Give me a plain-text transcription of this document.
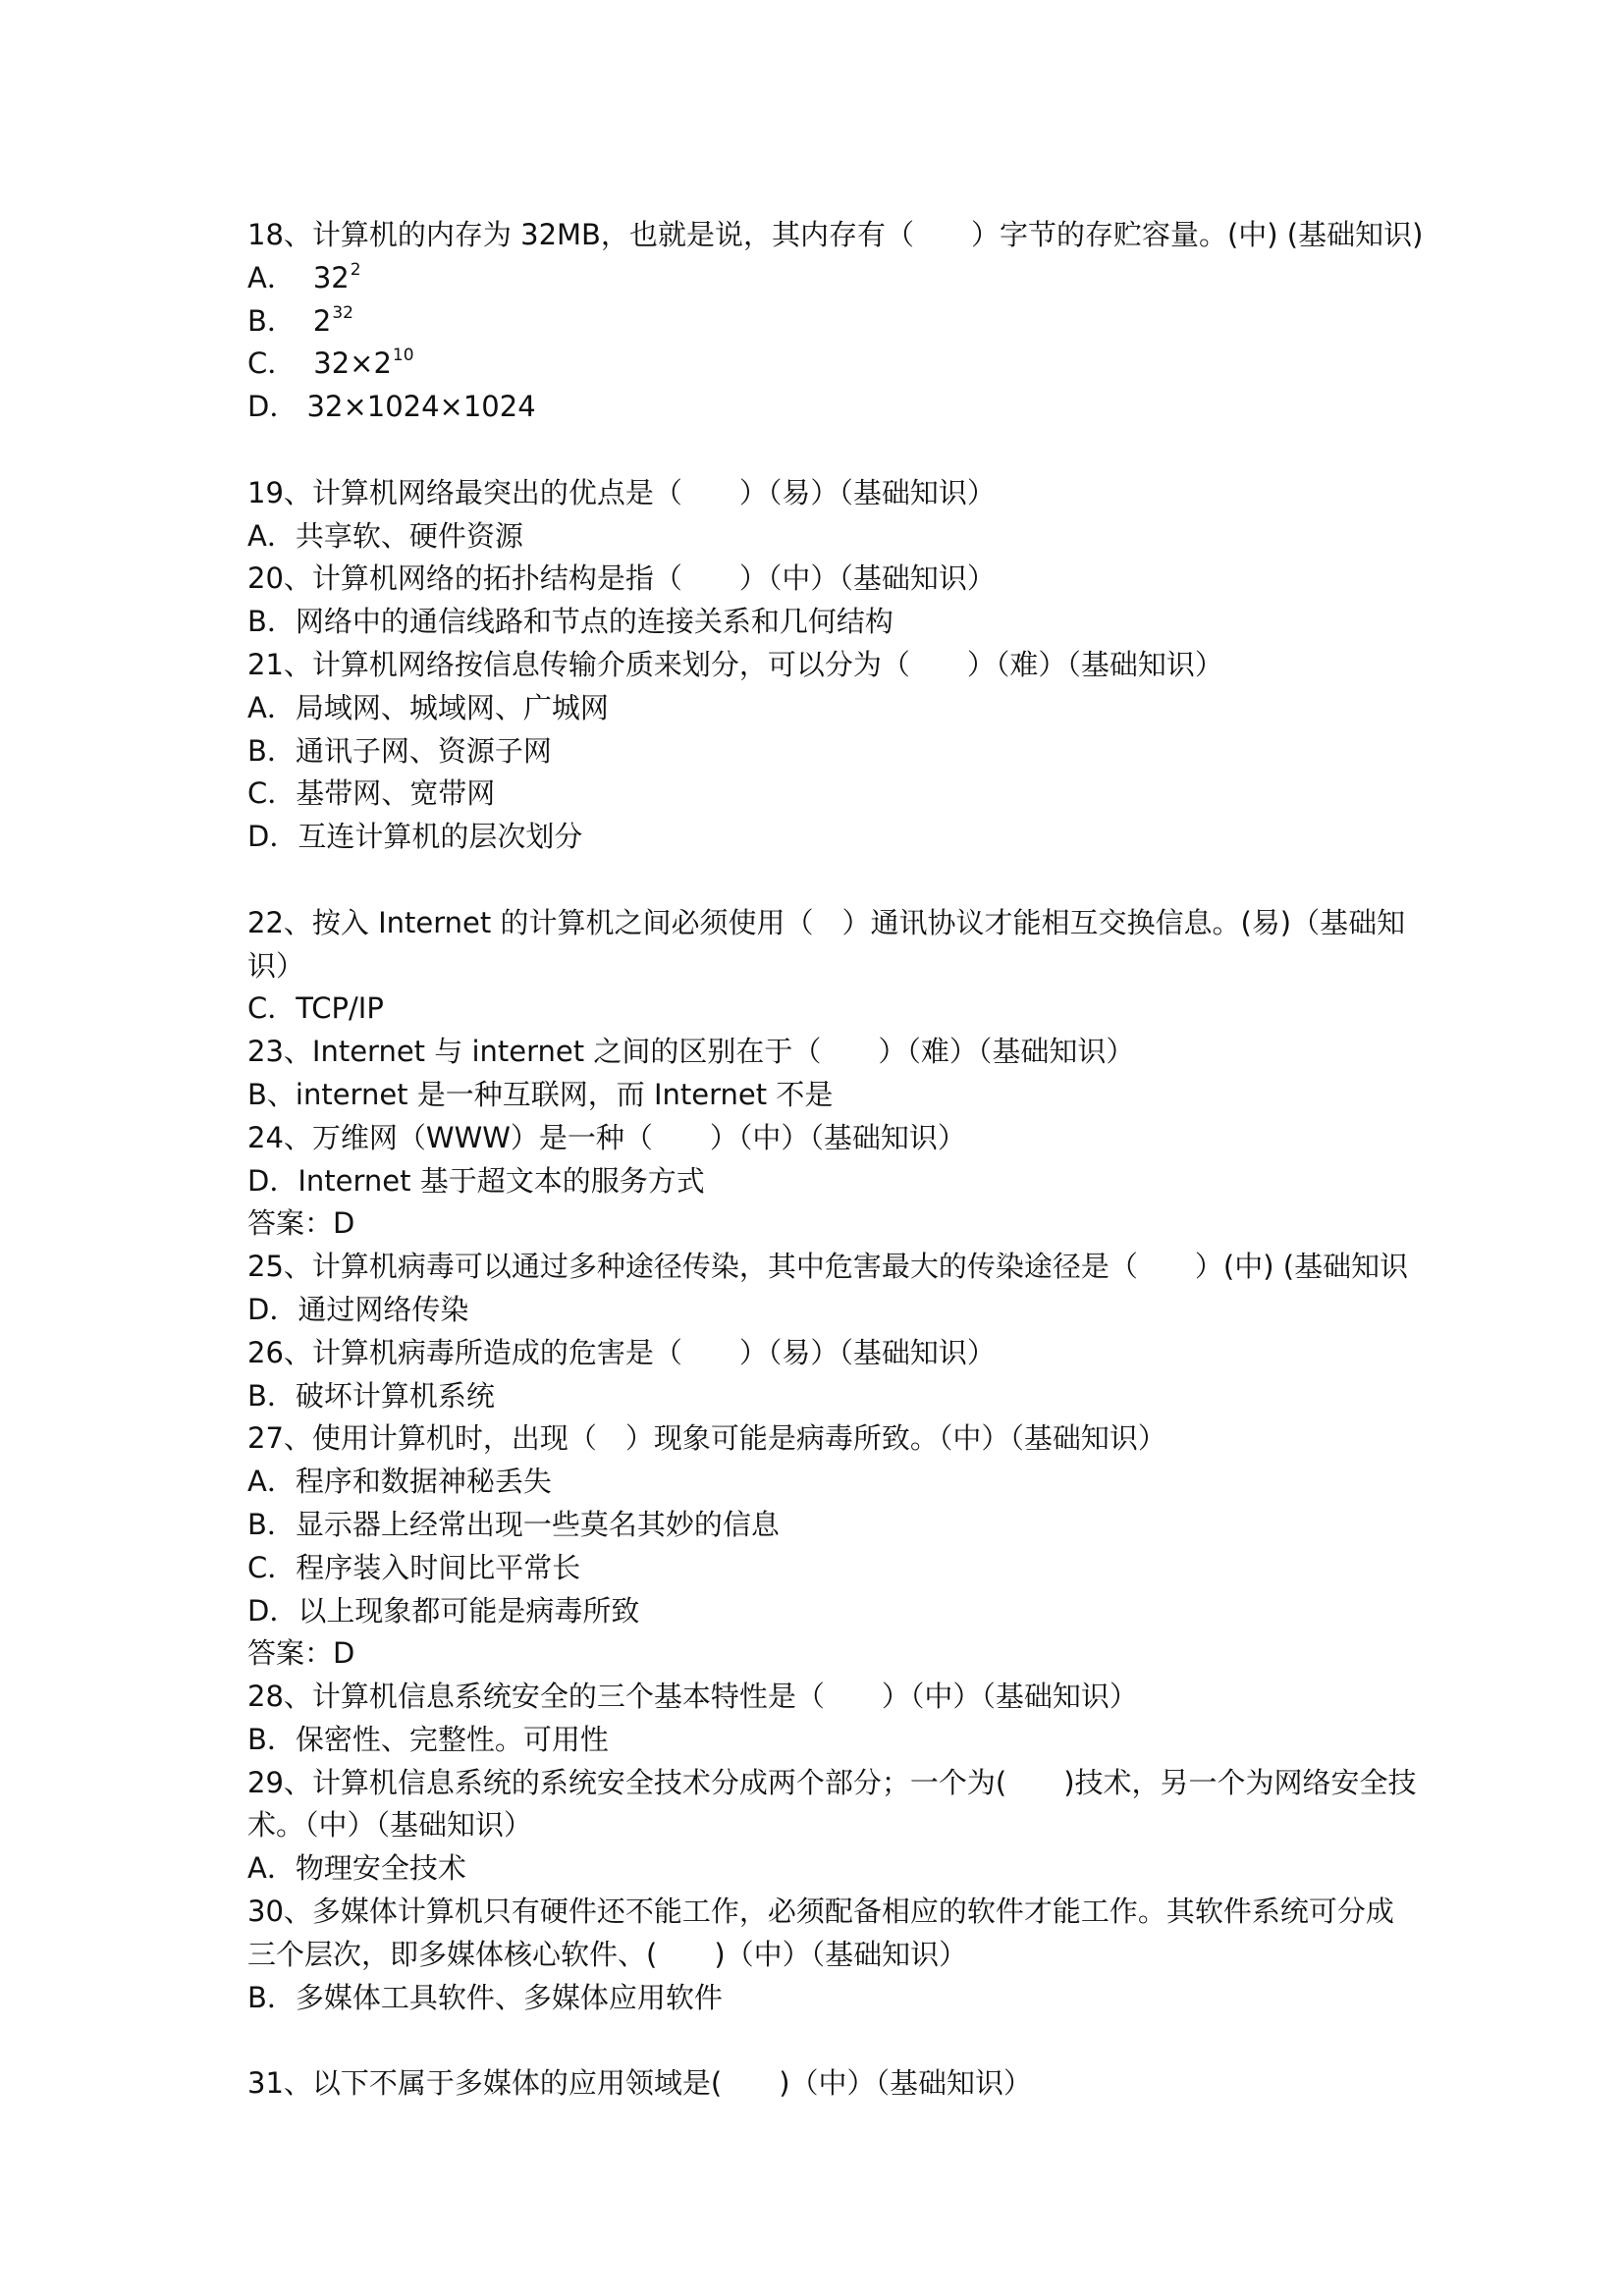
18、计算机的内存为 32MB，也就是说，其内存有（　　）字节的存贮容量。(中) (基础知识)
A． $32^2$
B． $2^{32}$
C． $32\times 2^{10}$
D． 32×1024×1024
19、计算机网络最突出的优点是（　　）（易）（基础知识）
A．共享软、硬件资源
20、计算机网络的拓扑结构是指（　　）（中）（基础知识）
B．网络中的通信线路和节点的连接关系和几何结构
21、计算机网络按信息传输介质来划分，可以分为（　　）（难）（基础知识）
A．局域网、城域网、广城网
B．通讯子网、资源子网
C．基带网、宽带网
D．互连计算机的层次划分
22、按入 Internet 的计算机之间必须使用（　）通讯协议才能相互交换信息。(易)（基础知
识）
C．TCP/IP
23、Internet 与 internet 之间的区别在于（　　）（难）（基础知识）
B、internet 是一种互联网，而 Internet 不是
24、万维网（WWW）是一种（　　）（中）（基础知识）
D．Internet 基于超文本的服务方式
答案：D
25、计算机病毒可以通过多种途径传染，其中危害最大的传染途径是（　　）(中) (基础知识
D．通过网络传染
26、计算机病毒所造成的危害是（　　）（易）（基础知识）
B．破坏计算机系统
27、使用计算机时，出现（　）现象可能是病毒所致。（中）（基础知识）
A．程序和数据神秘丢失
B．显示器上经常出现一些莫名其妙的信息
C．程序装入时间比平常长
D．以上现象都可能是病毒所致
答案：D
28、计算机信息系统安全的三个基本特性是（　　）（中）（基础知识）
B．保密性、完整性。可用性
29、计算机信息系统的系统安全技术分成两个部分；一个为(　　)技术，另一个为网络安全技
术。（中）（基础知识）
A．物理安全技术
30、多媒体计算机只有硬件还不能工作，必须配备相应的软件才能工作。其软件系统可分成
三个层次，即多媒体核心软件、(　　)（中）（基础知识）
B．多媒体工具软件、多媒体应用软件
31、以下不属于多媒体的应用领域是(　　)（中）（基础知识）
